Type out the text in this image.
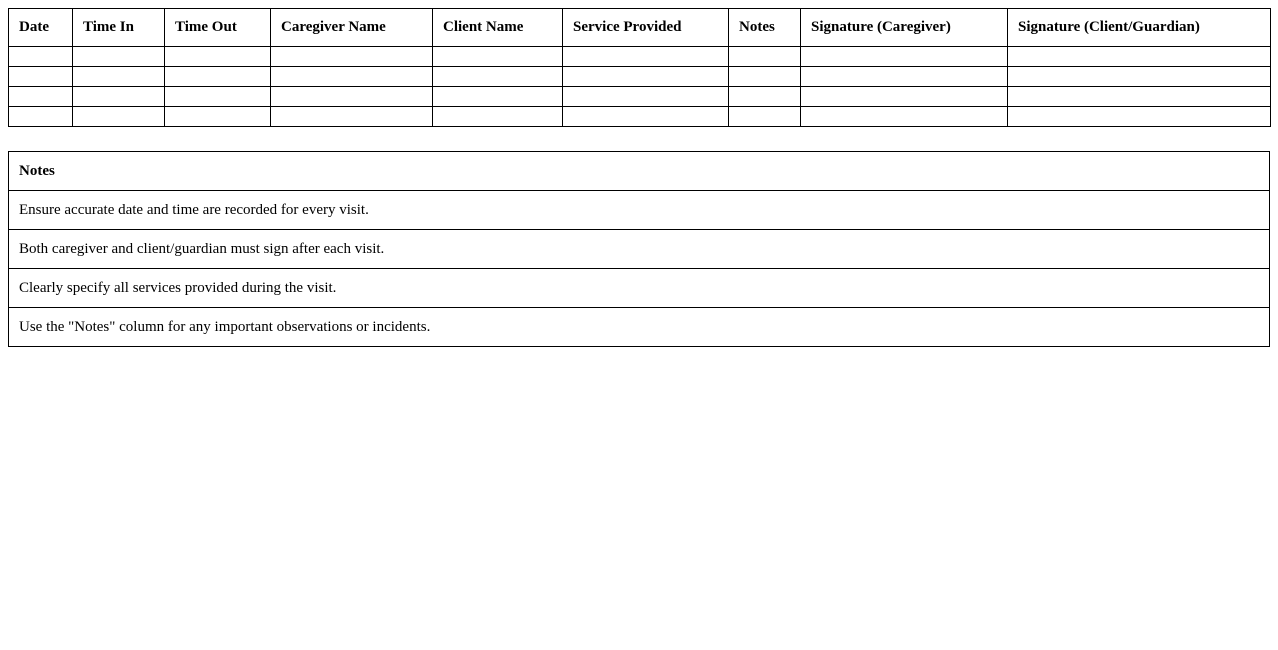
Date	Time In	Time Out	Caregiver Name	Client Name	Service Provided	Notes	Signature (Caregiver)	Signature (Client/Guardian)

Notes
Ensure accurate date and time are recorded for every visit.
Both caregiver and client/guardian must sign after each visit.
Clearly specify all services provided during the visit.
Use the "Notes" column for any important observations or incidents.
